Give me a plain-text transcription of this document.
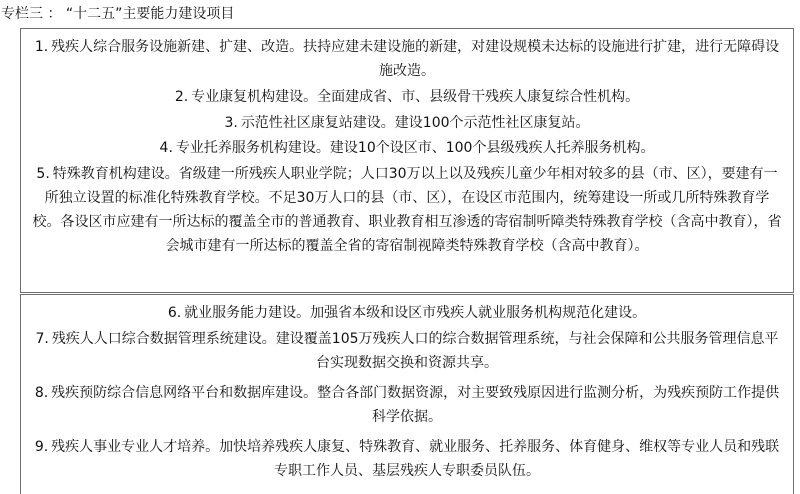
专栏三 ： “十二五”主要能力建设项目
1. 残疾人综合服务设施新建、扩建、改造。扶持应建未建设施的新建，对建设规模未达标的设施进行扩建，进行无障碍设施改造。
2. 专业康复机构建设。全面建成省、市、县级骨干残疾人康复综合性机构。
3. 示范性社区康复站建设。建设100个示范性社区康复站。
4. 专业托养服务机构建设。建设10个设区市、100个县级残疾人托养服务机构。
5. 特殊教育机构建设。省级建一所残疾人职业学院；人口30万以上以及残疾儿童少年相对较多的县（市、区），要建有一所独立设置的标准化特殊教育学校。不足30万人口的县（市、区），在设区市范围内，统筹建设一所或几所特殊教育学校。各设区市应建有一所达标的覆盖全市的普通教育、职业教育相互渗透的寄宿制听障类特殊教育学校（含高中教育），省会城市建有一所达标的覆盖全省的寄宿制视障类特殊教育学校（含高中教育）。
6. 就业服务能力建设。加强省本级和设区市残疾人就业服务机构规范化建设。
7. 残疾人人口综合数据管理系统建设。建设覆盖105万残疾人口的综合数据管理系统，与社会保障和公共服务管理信息平台实现数据交换和资源共享。
8. 残疾预防综合信息网络平台和数据库建设。整合各部门数据资源，对主要致残原因进行监测分析，为残疾预防工作提供科学依据。
9. 残疾人事业专业人才培养。加快培养残疾人康复、特殊教育、就业服务、托养服务、体育健身、维权等专业人员和残联专职工作人员、基层残疾人专职委员队伍。
